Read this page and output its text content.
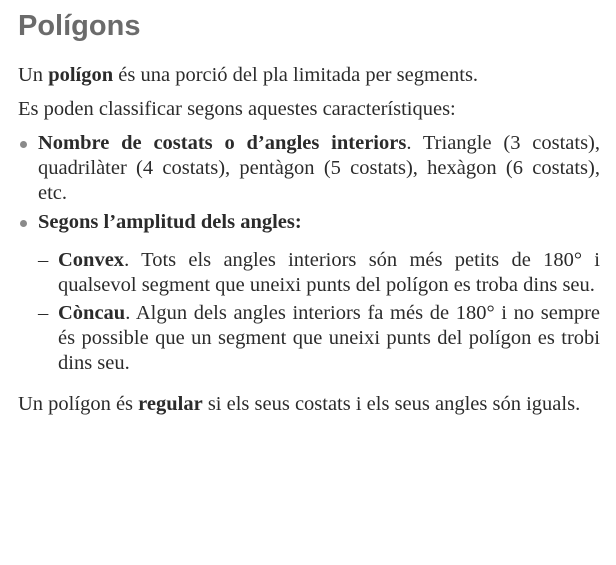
Polígons

Un polígon és una porció del pla limitada per segments.

Es poden classificar segons aquestes característiques:

Nombre de costats o d’angles interiors. Triangle (3 costats), quadrilàter (4 costats), pentàgon (5 costats), hexàgon (6 costats), etc.
Segons l’amplitud dels angles:
– Convex. Tots els angles interiors són més petits de 180° i qualsevol segment que uneixi punts del polígon es troba dins seu.
– Còncau. Algun dels angles interiors fa més de 180° i no sempre és possible que un segment que uneixi punts del polígon es trobi dins seu.

Un polígon és regular si els seus costats i els seus angles són iguals.
